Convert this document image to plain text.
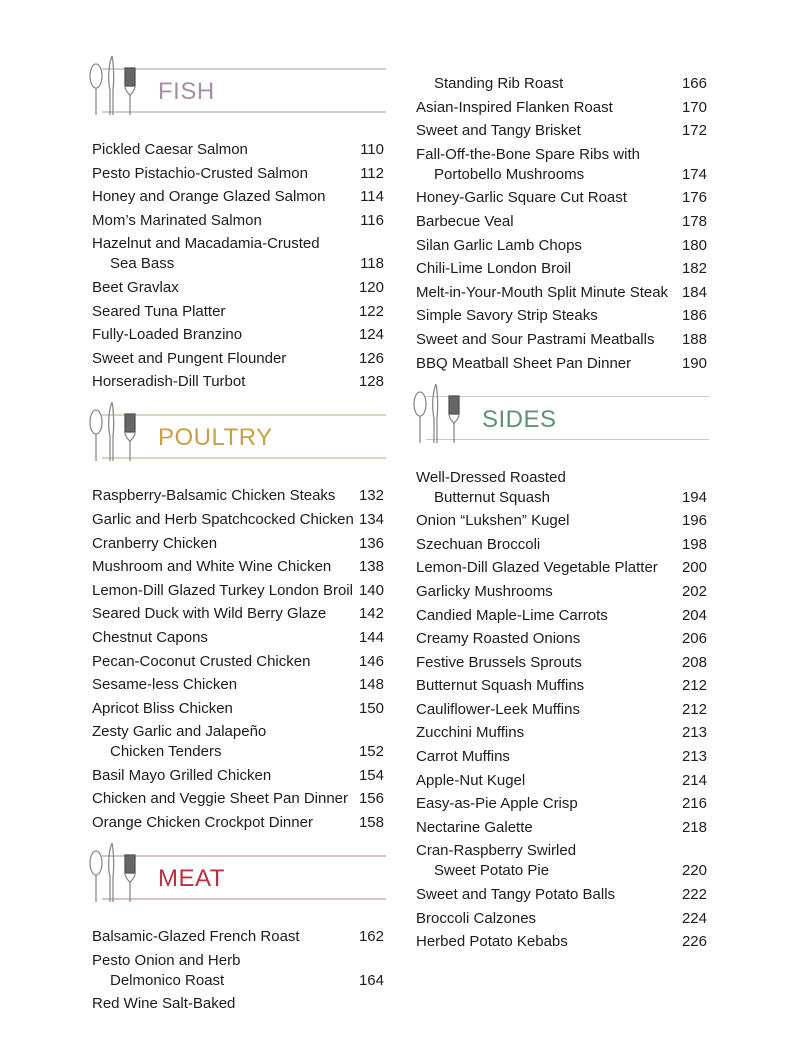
FISH
Pickled Caesar Salmon	110
Pesto Pistachio-Crusted Salmon	112
Honey and Orange Glazed Salmon 114
Mom’s Marinated Salmon	116
Hazelnut and Macadamia-Crusted
Sea Bass	118
Beet Gravlax	120
Seared Tuna Platter	122
Fully-Loaded Branzino	124
Sweet and Pungent Flounder	126
Horseradish-Dill Turbot	128
POULTRY
Raspberry-Balsamic Chicken Steaks 132
Garlic and Herb Spatchcocked Chicken 134
Cranberry Chicken	136
Mushroom and White Wine Chicken 138
Lemon-Dill Glazed Turkey London Broil 140
Seared Duck with Wild Berry Glaze 142
Chestnut Capons	144
Pecan-Coconut Crusted Chicken	146
Sesame-less Chicken	148
Apricot Bliss Chicken	150
Zesty Garlic and Jalapeño
Chicken Tenders	152
Basil Mayo Grilled Chicken	154
Chicken and Veggie Sheet Pan Dinner 156
Orange Chicken Crockpot Dinner	158
MEAT
Balsamic-Glazed French Roast	162
Pesto Onion and Herb
Delmonico Roast	164
Red Wine Salt-Baked
Standing Rib Roast	166
Asian-Inspired Flanken Roast	170
Sweet and Tangy Brisket	172
Fall-Off-the-Bone Spare Ribs with
Portobello Mushrooms	174
Honey-Garlic Square Cut Roast	176
Barbecue Veal	178
Silan Garlic Lamb Chops	180
Chili-Lime London Broil	182
Melt-in-Your-Mouth Split Minute Steak 184
Simple Savory Strip Steaks	186
Sweet and Sour Pastrami Meatballs 188
BBQ Meatball Sheet Pan Dinner	190
SIDES
Well-Dressed Roasted
Butternut Squash	194
Onion “Lukshen” Kugel	196
Szechuan Broccoli	198
Lemon-Dill Glazed Vegetable Platter 200
Garlicky Mushrooms	202
Candied Maple-Lime Carrots	204
Creamy Roasted Onions	206
Festive Brussels Sprouts	208
Butternut Squash Muffins	212
Cauliflower-Leek Muffins	212
Zucchini Muffins	213
Carrot Muffins	213
Apple-Nut Kugel	214
Easy-as-Pie Apple Crisp	216
Nectarine Galette	218
Cran-Raspberry Swirled
Sweet Potato Pie	220
Sweet and Tangy Potato Balls	222
Broccoli Calzones	224
Herbed Potato Kebabs	226
